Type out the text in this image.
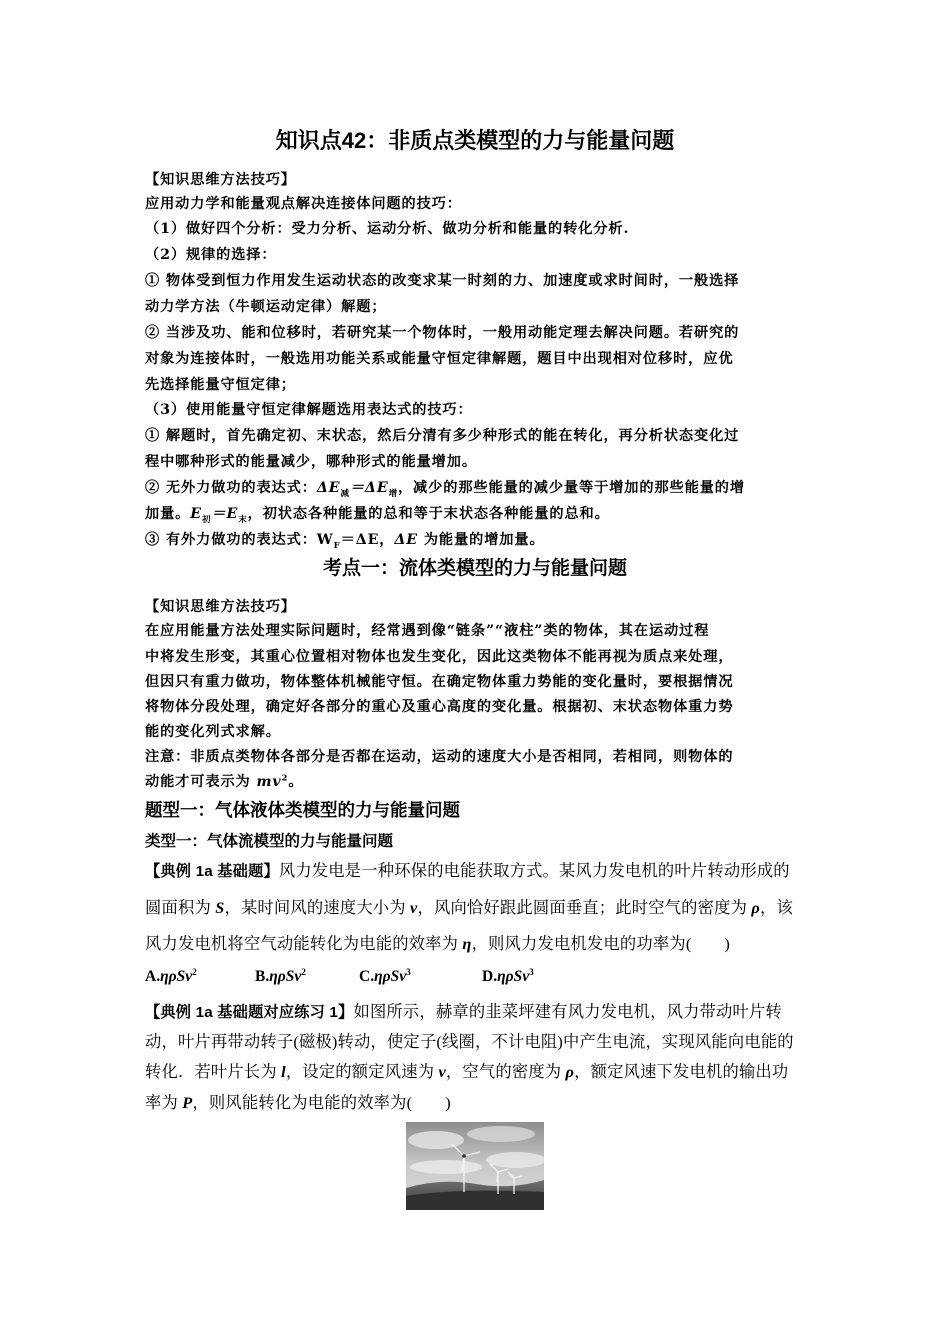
知识点42：非质点类模型的力与能量问题
【知识思维方法技巧】
应用动力学和能量观点解决连接体问题的技巧：
（1）做好四个分析：受力分析、运动分析、做功分析和能量的转化分析.
（2）规律的选择：
① 物体受到恒力作用发生运动状态的改变求某一时刻的力、加速度或求时间时，一般选择
动力学方法（牛顿运动定律）解题；
② 当涉及功、能和位移时，若研究某一个物体时，一般用动能定理去解决问题。若研究的
对象为连接体时，一般选用功能关系或能量守恒定律解题，题目中出现相对位移时，应优
先选择能量守恒定律；
（3）使用能量守恒定律解题选用表达式的技巧：
① 解题时，首先确定初、末状态，然后分清有多少种形式的能在转化，再分析状态变化过
程中哪种形式的能量减少，哪种形式的能量增加。
② 无外力做功的表达式：$\Delta E_减=\Delta E_增$，减少的那些能量的减少量等于增加的那些能量的增
加量。$E_初=E_末$，初状态各种能量的总和等于末状态各种能量的总和。
③ 有外力做功的表达式：$W_F=\Delta E$，ΔE 为能量的增加量。
考点一：流体类模型的力与能量问题
【知识思维方法技巧】
在应用能量方法处理实际问题时，经常遇到像“链条”“液柱”类的物体，其在运动过程
中将发生形变，其重心位置相对物体也发生变化，因此这类物体不能再视为质点来处理，
但因只有重力做功，物体整体机械能守恒。在确定物体重力势能的变化量时，要根据情况
将物体分段处理，确定好各部分的重心及重心高度的变化量。根据初、末状态物体重力势
能的变化列式求解。
注意：非质点类物体各部分是否都在运动，运动的速度大小是否相同，若相同，则物体的
动能才可表示为 $mv^2$。
题型一：气体液体类模型的力与能量问题
类型一：气体流模型的力与能量问题
【典例 1a 基础题】风力发电是一种环保的电能获取方式。某风力发电机的叶片转动形成的
圆面积为 S，某时间风的速度大小为 v，风向恰好跟此圆面垂直；此时空气的密度为 ρ，该
风力发电机将空气动能转化为电能的效率为 η，则风力发电机发电的功率为(　　)
A.ηρSv$^2$	B.ηρSv$^2$	C.ηρSv$^3$	D.ηρSv$^3$
【典例 1a 基础题对应练习 1】如图所示，赫章的韭菜坪建有风力发电机，风力带动叶片转
动，叶片再带动转子(磁极)转动，使定子(线圈，不计电阻)中产生电流，实现风能向电能的
转化．若叶片长为 l，设定的额定风速为 v，空气的密度为 ρ，额定风速下发电机的输出功
率为 P，则风能转化为电能的效率为(　　)
